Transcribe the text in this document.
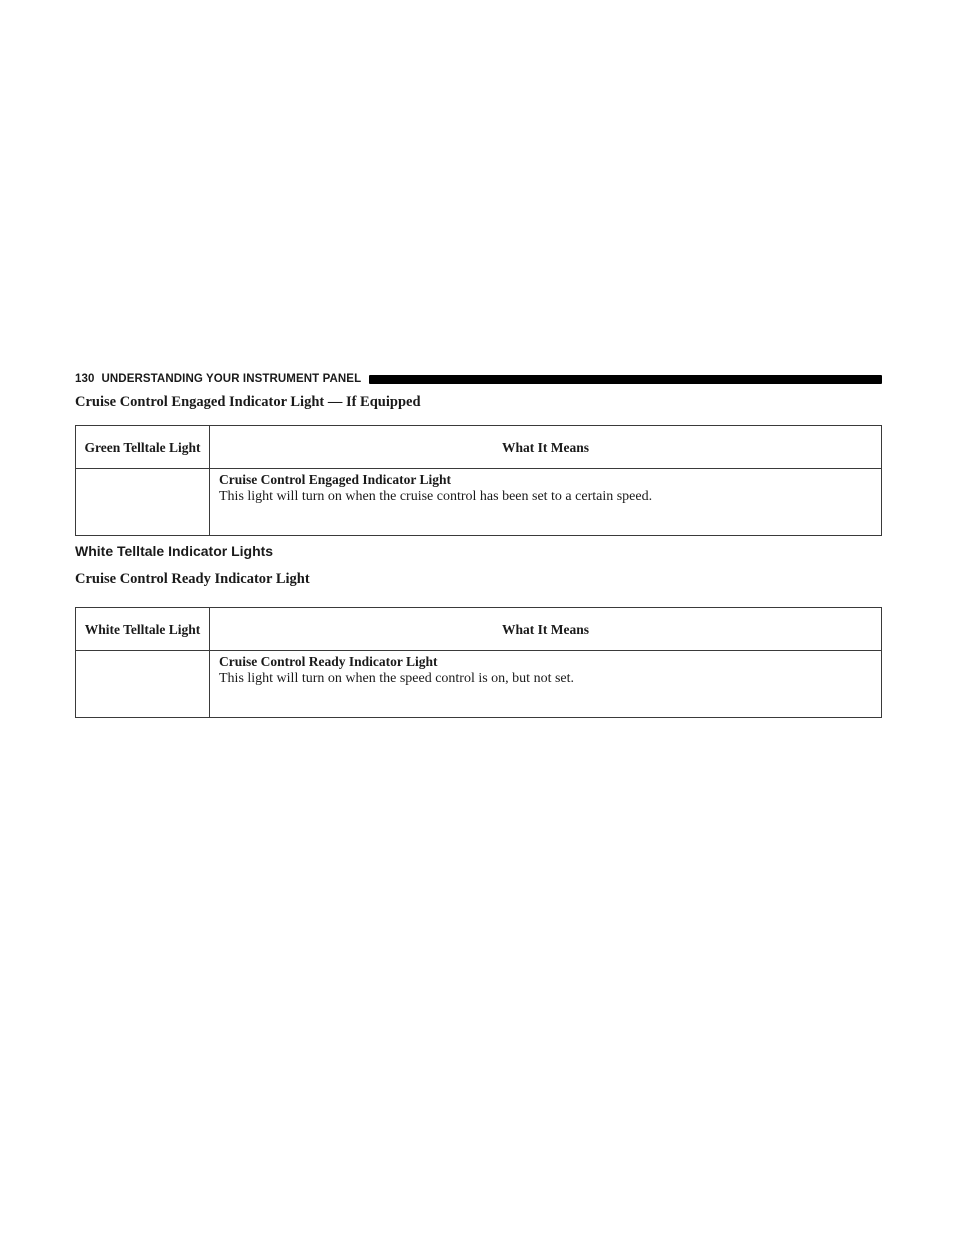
130 UNDERSTANDING YOUR INSTRUMENT PANEL
Cruise Control Engaged Indicator Light — If Equipped
Green Telltale Light	What It Means

	Cruise Control Engaged Indicator Light
This light will turn on when the cruise control has been set to a certain speed.
White Telltale Indicator Lights
Cruise Control Ready Indicator Light
White Telltale Light	What It Means

	Cruise Control Ready Indicator Light
This light will turn on when the speed control is on, but not set.
